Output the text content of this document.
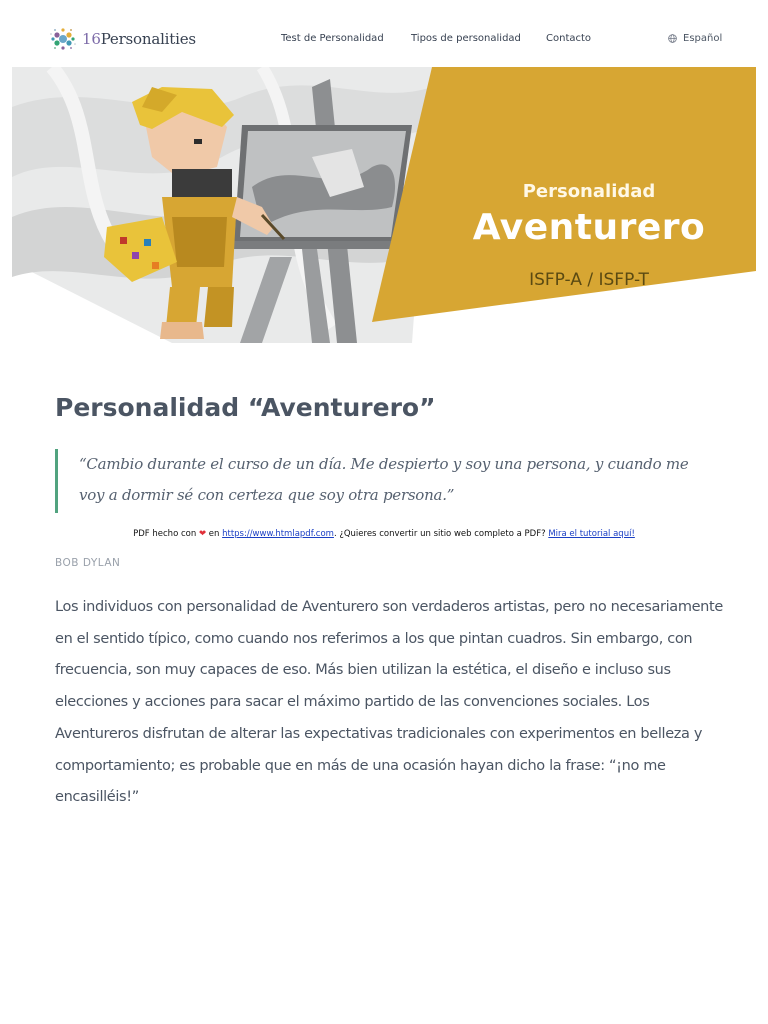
16Personalities	Test de Personalidad	Tipos de personalidad	Contacto	Español
Personalidad
Aventurero
ISFP-A / ISFP-T
Personalidad “Aventurero”

“Cambio durante el curso de un día. Me despierto y soy una persona, y cuando me voy a dormir sé con certeza que soy otra persona.”

PDF hecho con ❤ en https://www.htmlapdf.com. ¿Quieres convertir un sitio web completo a PDF? Mira el tutorial aquí!
BOB DYLAN

Los individuos con personalidad de Aventurero son verdaderos artistas, pero no necesariamente en el sentido típico, como cuando nos referimos a los que pintan cuadros. Sin embargo, con frecuencia, son muy capaces de eso. Más bien utilizan la estética, el diseño e incluso sus elecciones y acciones para sacar el máximo partido de las convenciones sociales. Los Aventureros disfrutan de alterar las expectativas tradicionales con experimentos en belleza y comportamiento; es probable que en más de una ocasión hayan dicho la frase: “¡no me encasilléis!”
